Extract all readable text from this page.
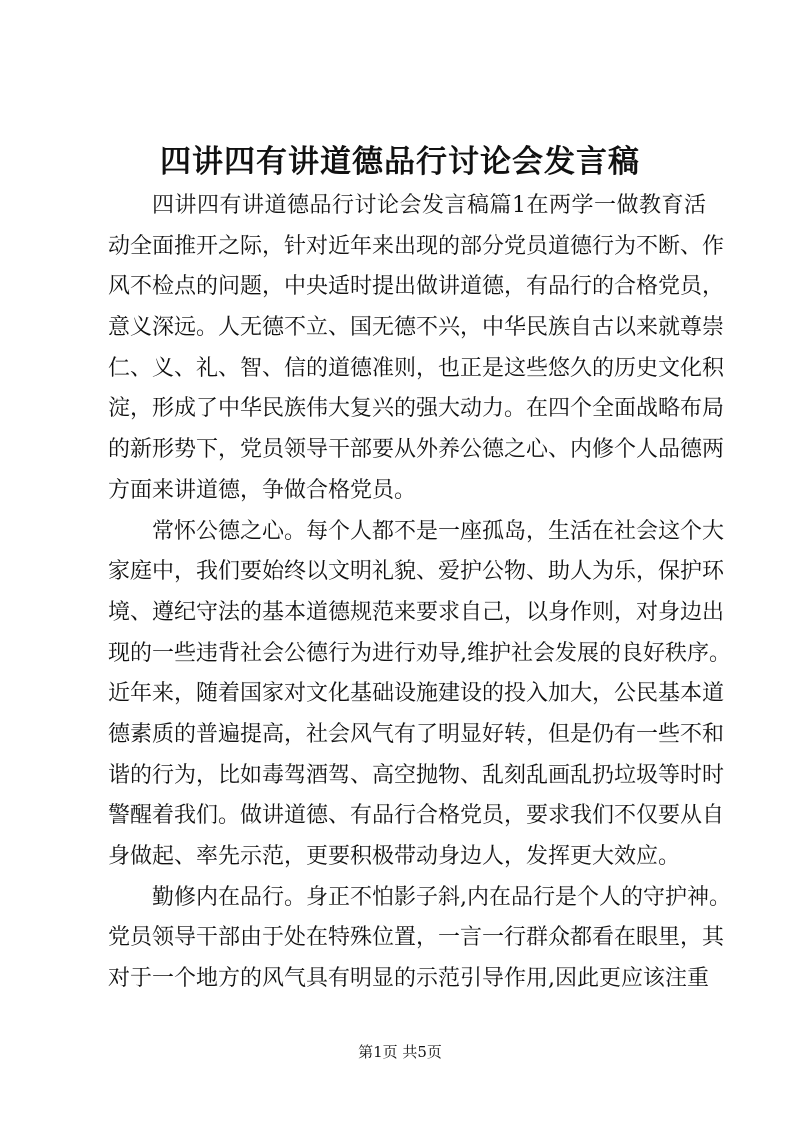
四讲四有讲道德品行讨论会发言稿
四讲四有讲道德品行讨论会发言稿篇1在两学一做教育活
动全面推开之际，针对近年来出现的部分党员道德行为不断、作
风不检点的问题，中央适时提出做讲道德，有品行的合格党员，
意义深远。人无德不立、国无德不兴，中华民族自古以来就尊崇
仁、义、礼、智、信的道德准则，也正是这些悠久的历史文化积
淀，形成了中华民族伟大复兴的强大动力。在四个全面战略布局
的新形势下，党员领导干部要从外养公德之心、内修个人品德两
方面来讲道德，争做合格党员。
常怀公德之心。每个人都不是一座孤岛，生活在社会这个大
家庭中，我们要始终以文明礼貌、爱护公物、助人为乐，保护环
境、遵纪守法的基本道德规范来要求自己，以身作则，对身边出
现的一些违背社会公德行为进行劝导,维护社会发展的良好秩序。
近年来，随着国家对文化基础设施建设的投入加大，公民基本道
德素质的普遍提高，社会风气有了明显好转，但是仍有一些不和
谐的行为，比如毒驾酒驾、高空抛物、乱刻乱画乱扔垃圾等时时
警醒着我们。做讲道德、有品行合格党员，要求我们不仅要从自
身做起、率先示范，更要积极带动身边人，发挥更大效应。
勤修内在品行。身正不怕影子斜,内在品行是个人的守护神。
党员领导干部由于处在特殊位置，一言一行群众都看在眼里，其
对于一个地方的风气具有明显的示范引导作用,因此更应该注重
第1页 共5页
